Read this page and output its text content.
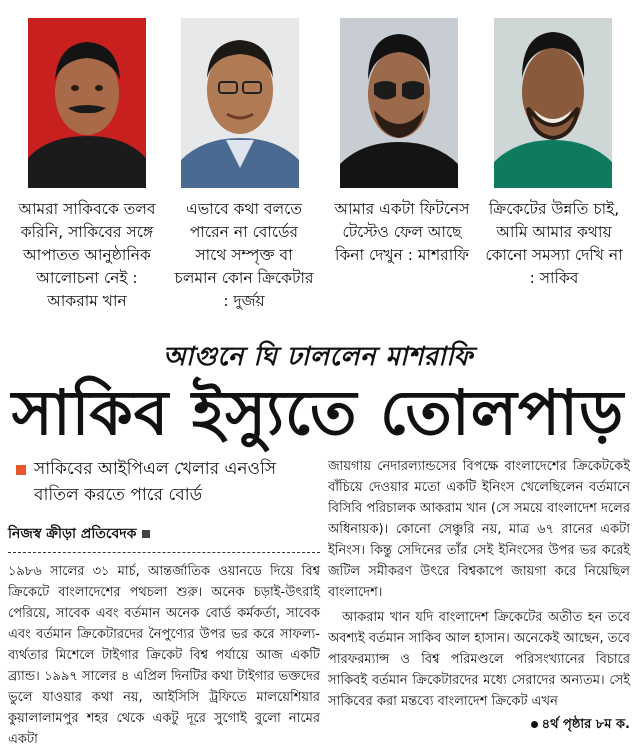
আমরা সাকিবকে তলব করিনি, সাকিবের সঙ্গে আপাতত আনুষ্ঠানিক আলোচনা নেই : আকরাম খান
এভাবে কথা বলতে পারেন না বোর্ডের সাথে সম্পৃক্ত বা চলমান কোন ক্রিকেটার : দুর্জয়
আমার একটা ফিটনেস টেস্টেও ফেল আছে কিনা দেখুন : মাশরাফি
ক্রিকেটের উন্নতি চাই, আমি আমার কথায় কোনো সমস্যা দেখি না : সাকিব
আগুনে ঘি ঢাললেন মাশরাফি
সাকিব ইস্যুতে তোলপাড়
সাকিবের আইপিএল খেলার এনওসি বাতিল করতে পারে বোর্ড
নিজস্ব ক্রীড়া প্রতিবেদক
১৯৮৬ সালের ৩১ মার্চ, আন্তর্জাতিক ওয়ানডে দিয়ে বিশ্ব ক্রিকেটে বাংলাদেশের পথচলা শুরু। অনেক চড়াই-উৎরাই পেরিয়ে, সাবেক এবং বর্তমান অনেক বোর্ড কর্মকর্তা, সাবেক এবং বর্তমান ক্রিকেটারদের নৈপুণ্যের উপর ভর করে সাফল্য-ব্যর্থতার মিশেলে টাইগার ক্রিকেট বিশ্ব পর্যায়ে আজ একটি ব্র্যান্ড। ১৯৯৭ সালের ৪ এপ্রিল দিনটির কথা টাইগার ভক্তদের ভুলে যাওয়ার কথা নয়, আইসিসি ট্রফিতে মালয়েশিয়ার কুয়ালালামপুর শহর থেকে একটু দূরে সুগোই বুলো নামের একটা

জায়গায় নেদারল্যান্ডসের বিপক্ষে বাংলাদেশের ক্রিকেটকেই বাঁচিয়ে দেওয়ার মতো একটি ইনিংস খেলেছিলেন বর্তমানে বিসিবি পরিচালক আকরাম খান (সে সময়ে বাংলাদেশ দলের অধিনায়ক)। কোনো সেঞ্চুরি নয়, মাত্র ৬৭ রানের একটা ইনিংস। কিন্তু সেদিনের তাঁর সেই ইনিংসের উপর ভর করেই জটিল সমীকরণ উৎরে বিশ্বকাপে জায়গা করে নিয়েছিল বাংলাদেশ।

আকরাম খান যদি বাংলাদেশ ক্রিকেটের অতীত হন তবে অবশ্যই বর্তমান সাকিব আল হাসান। অনেকেই আছেন, তবে পারফরম্যান্স ও বিশ্ব পরিমণ্ডলে পরিসংখ্যানের বিচারে সাকিবই বর্তমান ক্রিকেটারদের মধ্যে সেরাদের অন্যতম। সেই সাকিবের করা মন্তব্যে বাংলাদেশ ক্রিকেট এখন

৪র্থ পৃষ্ঠার ৮ম ক.
